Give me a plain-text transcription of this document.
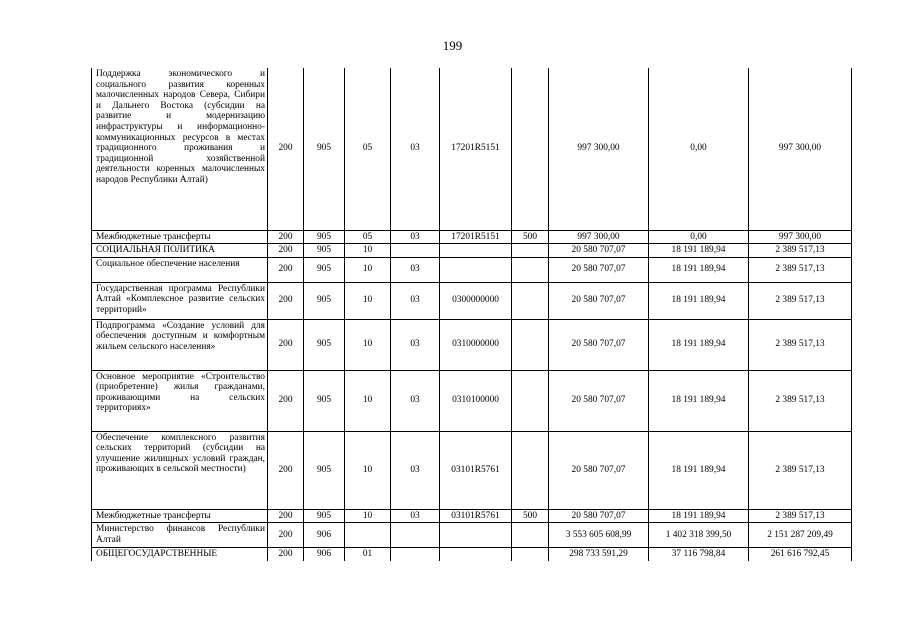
199
Поддержка экономического и социального развития коренных малочисленных народов Севера, Сибири и Дальнего Востока (субсидии на развитие и модернизацию инфраструктуры и информационно-коммуникационных ресурсов в местах традиционного проживания и традиционной хозяйственной деятельности коренных малочисленных народов Республики Алтай)	200	905	05	03	17201R5151		997 300,00	0,00	997 300,00
Межбюджетные трансферты	200	905	05	03	17201R5151	500	997 300,00	0,00	997 300,00
СОЦИАЛЬНАЯ ПОЛИТИКА	200	905	10				20 580 707,07	18 191 189,94	2 389 517,13
Социальное обеспечение населения	200	905	10	03			20 580 707,07	18 191 189,94	2 389 517,13
Государственная программа Республики Алтай «Комплексное развитие сельских территорий»	200	905	10	03	0300000000		20 580 707,07	18 191 189,94	2 389 517,13
Подпрограмма «Создание условий для обеспечения доступным и комфортным жильем сельского населения»	200	905	10	03	0310000000		20 580 707,07	18 191 189,94	2 389 517,13
Основное мероприятие «Строительство (приобретение) жилья гражданами, проживающими на сельских территориях»	200	905	10	03	0310100000		20 580 707,07	18 191 189,94	2 389 517,13
Обеспечение комплексного развития сельских территорий (субсидии на улучшение жилищных условий граждан, проживающих в сельской местности)	200	905	10	03	03101R5761		20 580 707,07	18 191 189,94	2 389 517,13
Межбюджетные трансферты	200	905	10	03	03101R5761	500	20 580 707,07	18 191 189,94	2 389 517,13
Министерство финансов Республики Алтай	200	906					3 553 605 608,99	1 402 318 399,50	2 151 287 209,49
ОБЩЕГОСУДАРСТВЕННЫЕ	200	906	01				298 733 591,29	37 116 798,84	261 616 792,45
